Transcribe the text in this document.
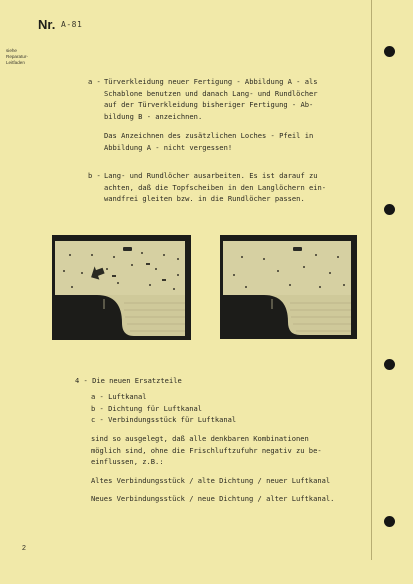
Nr. A-81
siehe
Reparatur-
Leitfaden
a - Türverkleidung neuer Fertigung - Abbildung A - als
Schablone benutzen und danach Lang- und Rundlöcher
auf der Türverkleidung bisheriger Fertigung - Ab-
bildung B - anzeichnen.
Das Anzeichnen des zusätzlichen Loches - Pfeil in
Abbildung A - nicht vergessen!
b - Lang- und Rundlöcher ausarbeiten. Es ist darauf zu
achten, daß die Topfscheiben in den Langlöchern ein-
wandfrei gleiten bzw. in die Rundlöcher passen.
4 - Die neuen Ersatzteile
a - Luftkanal
b - Dichtung für Luftkanal
c - Verbindungsstück für Luftkanal
sind so ausgelegt, daß alle denkbaren Kombinationen
möglich sind, ohne die Frischluftzufuhr negativ zu be-
einflussen, z.B.:
Altes Verbindungsstück / alte Dichtung / neuer Luftkanal
Neues Verbindungsstück / neue Dichtung / alter Luftkanal.
2
